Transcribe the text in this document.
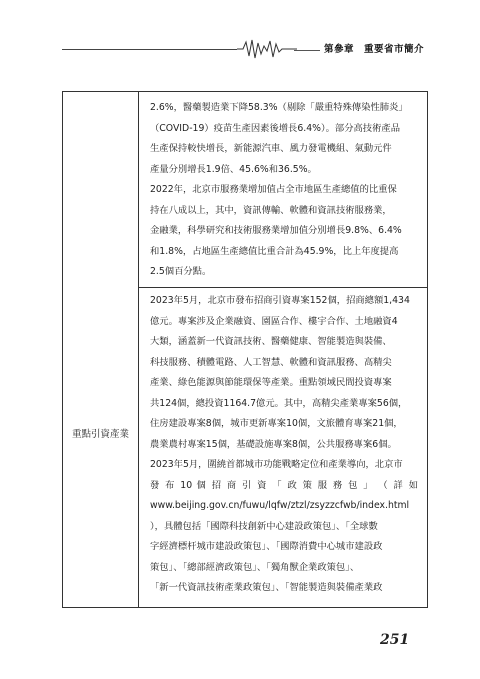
第參章　重要省市簡介
2.6%，醫藥製造業下降58.3%（剔除「嚴重特殊傳染性肺炎」
（COVID-19）疫苗生產因素後增長6.4%）。部分高技術產品
生產保持較快增長，新能源汽車、風力發電機組、氣動元件
產量分別增長1.9倍、45.6%和36.5%。
2022年，北京市服務業增加值占全市地區生產總值的比重保
持在八成以上，其中，資訊傳輸、軟體和資訊技術服務業，
金融業，科學研究和技術服務業增加值分別增長9.8%、6.4%
和1.8%，占地區生產總值比重合計為45.9%，比上年度提高
2.5個百分點。
重點引資產業
2023年5月，北京市發布招商引資專案152個，招商總額1,434
億元。專案涉及企業融資、園區合作、樓宇合作、土地融資4
大類，涵蓋新一代資訊技術、醫藥健康、智能製造與裝備、
科技服務、積體電路、人工智慧、軟體和資訊服務、高精尖
產業、綠色能源與節能環保等產業。重點領域民間投資專案
共124個，總投資1164.7億元。其中，高精尖產業專案56個，
住房建設專案8個，城市更新專案10個，文旅體育專案21個，
農業農村專案15個，基礎設施專案8個，公共服務專案6個。
2023年5月，圍繞首都城市功能戰略定位和產業導向，北京市
發 布 10 個 招 商 引 資 「 政 策 服 務 包 」 （ 詳 如
www.beijing.gov.cn/fuwu/lqfw/ztzl/zsyzzcfwb/index.html
），具體包括「國際科技創新中心建設政策包」、「全球數
字經濟標杆城市建設政策包」、「國際消費中心城市建設政
策包」、「總部經濟政策包」、「獨角獸企業政策包」、
「新一代資訊技術產業政策包」、「智能製造與裝備產業政
251
